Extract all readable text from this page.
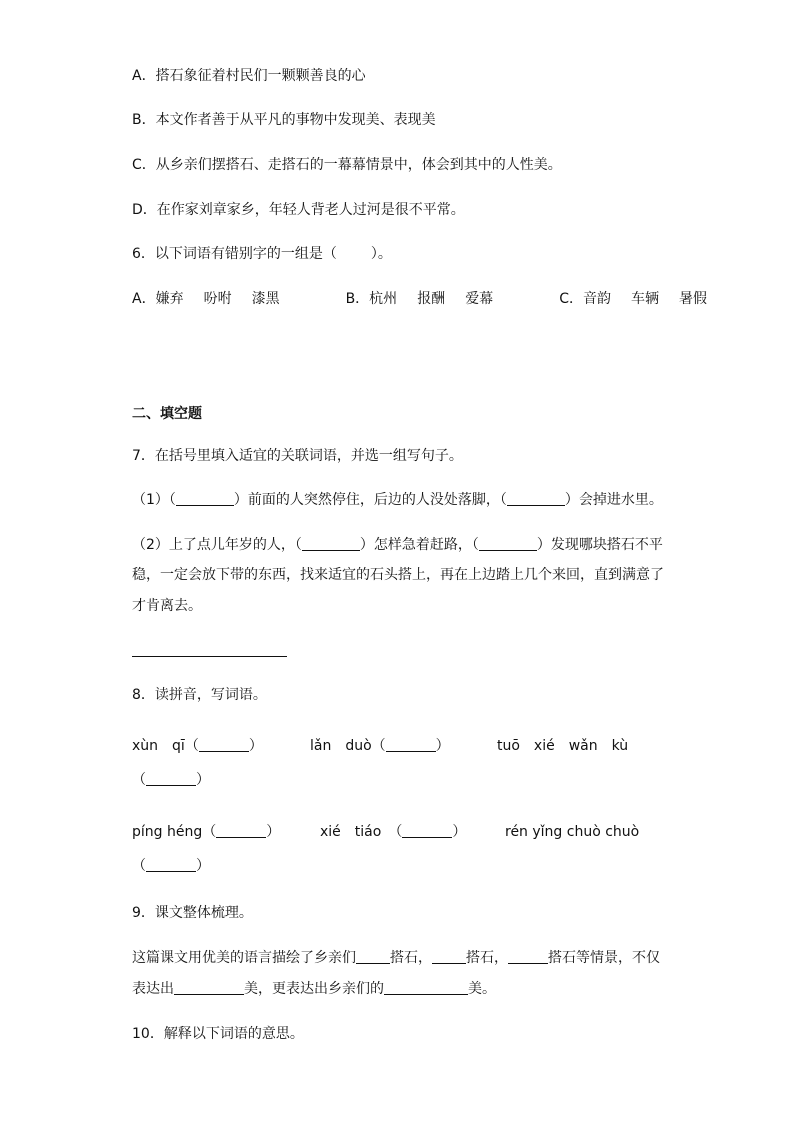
A．搭石象征着村民们一颗颗善良的心
B．本文作者善于从平凡的事物中发现美、表现美
C．从乡亲们摆搭石、走搭石的一幕幕情景中，体会到其中的人性美。
D．在作家刘章家乡，年轻人背老人过河是很不平常。
6．以下词语有错别字的一组是（ ）。
A．嫌弃 吩咐 漆黑	B．杭州 报酬 爱幕	C．音韵 车辆 暑假
二、填空题
7．在括号里填入适宜的关联词语，并选一组写句子。
（1）（	）前面的人突然停住，后边的人没处落脚，（	）会掉进水里。
（2）上了点儿年岁的人，（	）怎样急着赶路，（	）发现哪块搭石不平
稳，一定会放下带的东西，找来适宜的石头搭上，再在上边踏上几个来回，直到满意了
才肯离去。
8．读拼音，写词语。
xùn　qī（	）	lǎn　duò（	）	tuō　xié　wǎn　kù
（	）
píng héng（	）	xié　tiáo　 （	）	rén yǐng chuò chuò
（	）
9．课文整体梳理。
这篇课文用优美的语言描绘了乡亲们 搭石， 搭石，	搭石等情景，不仅
表达出	美，更表达出乡亲们的	美。
10．解释以下词语的意思。
